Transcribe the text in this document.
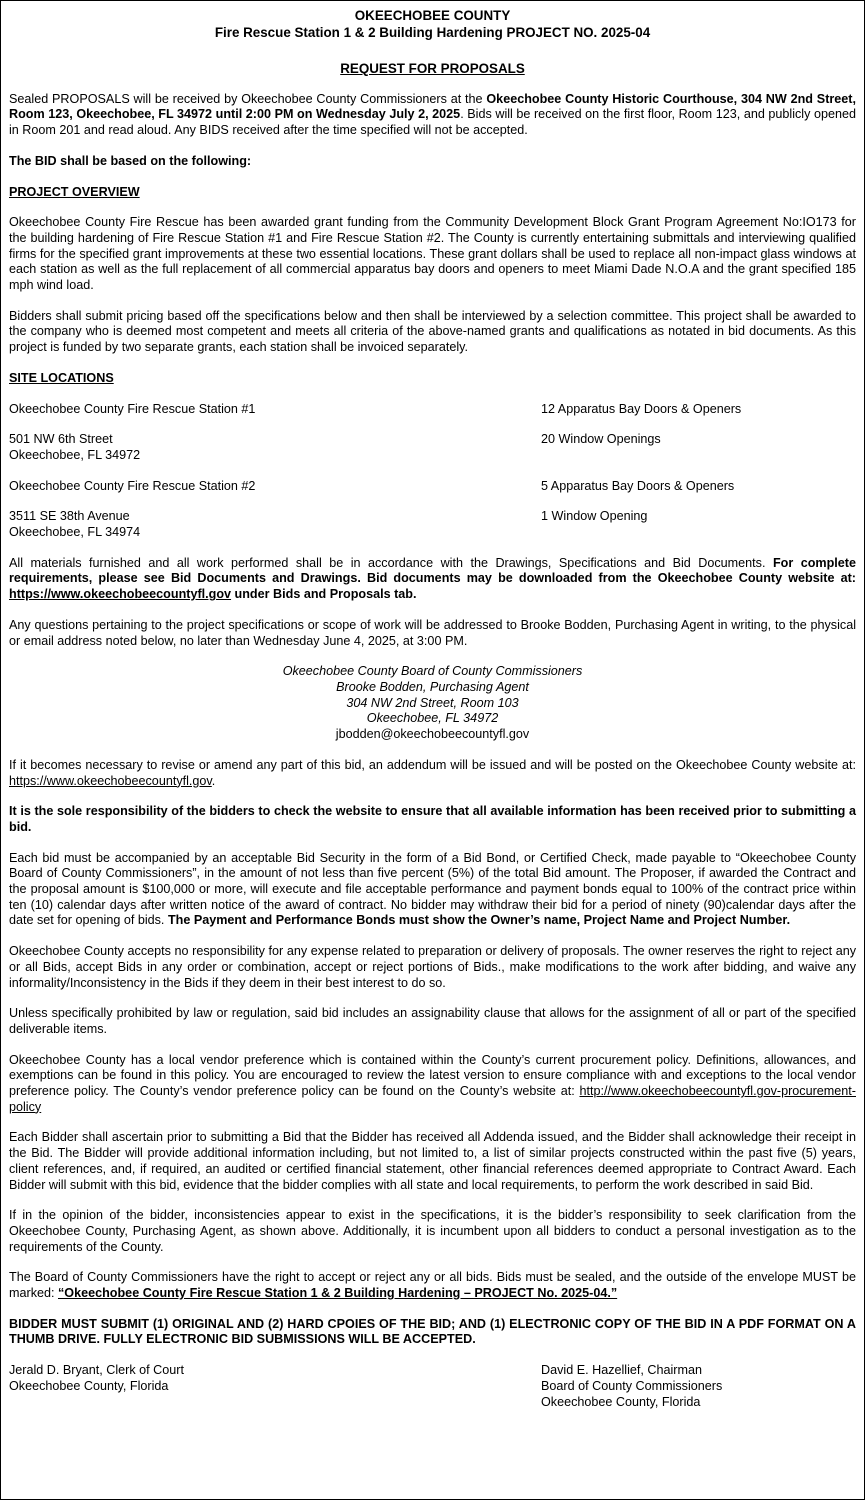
OKEECHOBEE COUNTY
Fire Rescue Station 1 & 2 Building Hardening PROJECT NO. 2025-04
REQUEST FOR PROPOSALS

Sealed PROPOSALS will be received by Okeechobee County Commissioners at the Okeechobee County Historic Courthouse, 304 NW 2nd Street, Room 123, Okeechobee, FL 34972 until 2:00 PM on Wednesday July 2, 2025. Bids will be received on the first floor, Room 123, and publicly opened in Room 201 and read aloud. Any BIDS received after the time specified will not be accepted.

The BID shall be based on the following:

PROJECT OVERVIEW

Okeechobee County Fire Rescue has been awarded grant funding from the Community Development Block Grant Program Agreement No:IO173 for the building hardening of Fire Rescue Station #1 and Fire Rescue Station #2. The County is currently entertaining submittals and interviewing qualified firms for the specified grant improvements at these two essential locations. These grant dollars shall be used to replace all non-impact glass windows at each station as well as the full replacement of all commercial apparatus bay doors and openers to meet Miami Dade N.O.A and the grant specified 185 mph wind load.

Bidders shall submit pricing based off the specifications below and then shall be interviewed by a selection committee. This project shall be awarded to the company who is deemed most competent and meets all criteria of the above-named grants and qualifications as notated in bid documents. As this project is funded by two separate grants, each station shall be invoiced separately.

SITE LOCATIONS
Okeechobee County Fire Rescue Station #1	12 Apparatus Bay Doors & Openers
501 NW 6th Street
Okeechobee, FL 34972
20 Window Openings
Okeechobee County Fire Rescue Station #2	5 Apparatus Bay Doors & Openers
3511 SE 38th Avenue
Okeechobee, FL 34974
1 Window Opening

All materials furnished and all work performed shall be in accordance with the Drawings, Specifications and Bid Documents. For complete requirements, please see Bid Documents and Drawings. Bid documents may be downloaded from the Okeechobee County website at: https://www.okeechobeecountyfl.gov under Bids and Proposals tab.

Any questions pertaining to the project specifications or scope of work will be addressed to Brooke Bodden, Purchasing Agent in writing, to the physical or email address noted below, no later than Wednesday June 4, 2025, at 3:00 PM.

Okeechobee County Board of County Commissioners
Brooke Bodden, Purchasing Agent
304 NW 2nd Street, Room 103
Okeechobee, FL 34972
jbodden@okeechobeecountyfl.gov

If it becomes necessary to revise or amend any part of this bid, an addendum will be issued and will be posted on the Okeechobee County website at: https://www.okeechobeecountyfl.gov.

It is the sole responsibility of the bidders to check the website to ensure that all available information has been received prior to submitting a bid.

Each bid must be accompanied by an acceptable Bid Security in the form of a Bid Bond, or Certified Check, made payable to “Okeechobee County Board of County Commissioners”, in the amount of not less than five percent (5%) of the total Bid amount. The Proposer, if awarded the Contract and the proposal amount is $100,000 or more, will execute and file acceptable performance and payment bonds equal to 100% of the contract price within ten (10) calendar days after written notice of the award of contract. No bidder may withdraw their bid for a period of ninety (90)calendar days after the date set for opening of bids. The Payment and Performance Bonds must show the Owner’s name, Project Name and Project Number.

Okeechobee County accepts no responsibility for any expense related to preparation or delivery of proposals. The owner reserves the right to reject any or all Bids, accept Bids in any order or combination, accept or reject portions of Bids., make modifications to the work after bidding, and waive any informality/Inconsistency in the Bids if they deem in their best interest to do so.

Unless specifically prohibited by law or regulation, said bid includes an assignability clause that allows for the assignment of all or part of the specified deliverable items.

Okeechobee County has a local vendor preference which is contained within the County’s current procurement policy. Definitions, allowances, and exemptions can be found in this policy. You are encouraged to review the latest version to ensure compliance with and exceptions to the local vendor preference policy. The County’s vendor preference policy can be found on the County’s website at: http://www.okeechobeecountyfl.gov-procurement-policy

Each Bidder shall ascertain prior to submitting a Bid that the Bidder has received all Addenda issued, and the Bidder shall acknowledge their receipt in the Bid. The Bidder will provide additional information including, but not limited to, a list of similar projects constructed within the past five (5) years, client references, and, if required, an audited or certified financial statement, other financial references deemed appropriate to Contract Award. Each Bidder will submit with this bid, evidence that the bidder complies with all state and local requirements, to perform the work described in said Bid.

If in the opinion of the bidder, inconsistencies appear to exist in the specifications, it is the bidder’s responsibility to seek clarification from the Okeechobee County, Purchasing Agent, as shown above. Additionally, it is incumbent upon all bidders to conduct a personal investigation as to the requirements of the County.

The Board of County Commissioners have the right to accept or reject any or all bids. Bids must be sealed, and the outside of the envelope MUST be marked: “Okeechobee County Fire Rescue Station 1 & 2 Building Hardening – PROJECT No. 2025-04.”

BIDDER MUST SUBMIT (1) ORIGINAL AND (2) HARD CPOIES OF THE BID; AND (1) ELECTRONIC COPY OF THE BID IN A PDF FORMAT ON A THUMB DRIVE. FULLY ELECTRONIC BID SUBMISSIONS WILL BE ACCEPTED.

Jerald D. Bryant, Clerk of Court
Okeechobee County, Florida
David E. Hazellief, Chairman
Board of County Commissioners
Okeechobee County, Florida
